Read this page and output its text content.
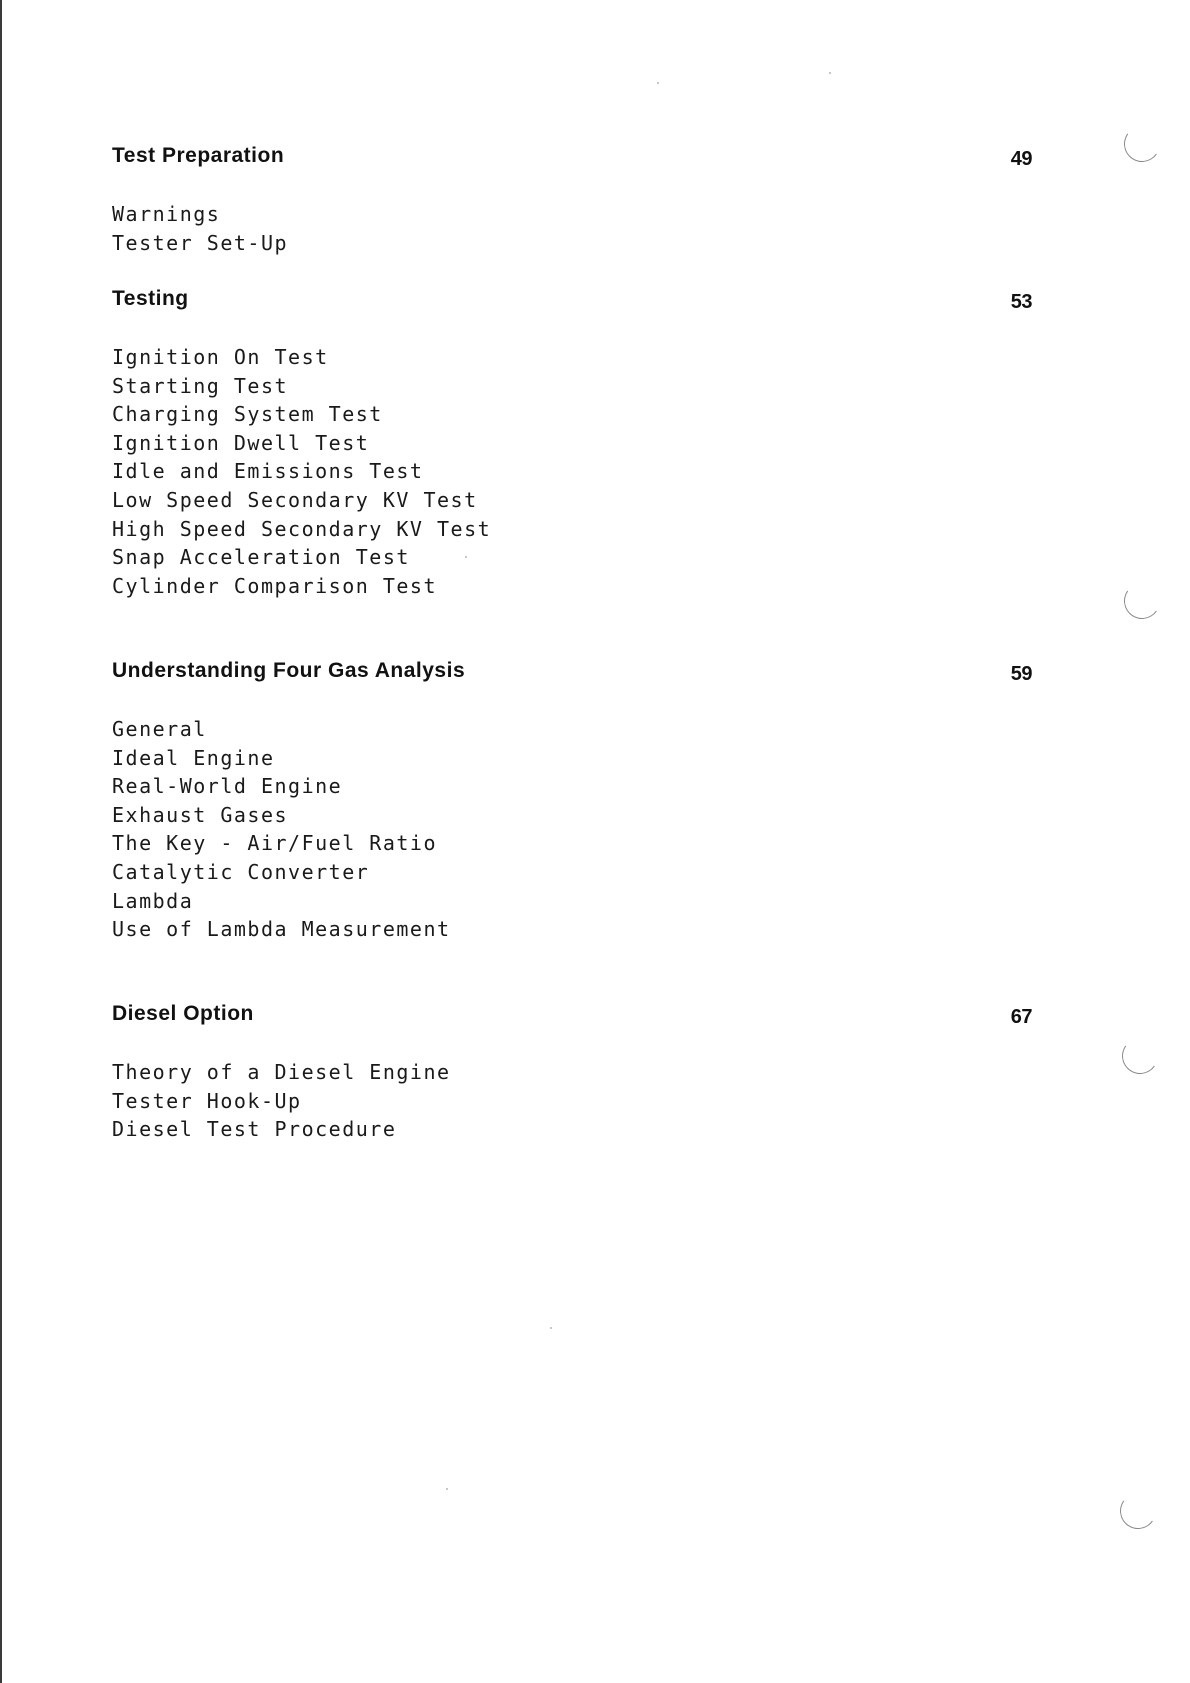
Test Preparation	49
Warnings
Tester Set-Up
Testing	53
Ignition On Test
Starting Test
Charging System Test
Ignition Dwell Test
Idle and Emissions Test
Low Speed Secondary KV Test
High Speed Secondary KV Test
Snap Acceleration Test
Cylinder Comparison Test
Understanding Four Gas Analysis	59
General
Ideal Engine
Real-World Engine
Exhaust Gases
The Key - Air/Fuel Ratio
Catalytic Converter
Lambda
Use of Lambda Measurement
Diesel Option	67
Theory of a Diesel Engine
Tester Hook-Up
Diesel Test Procedure
